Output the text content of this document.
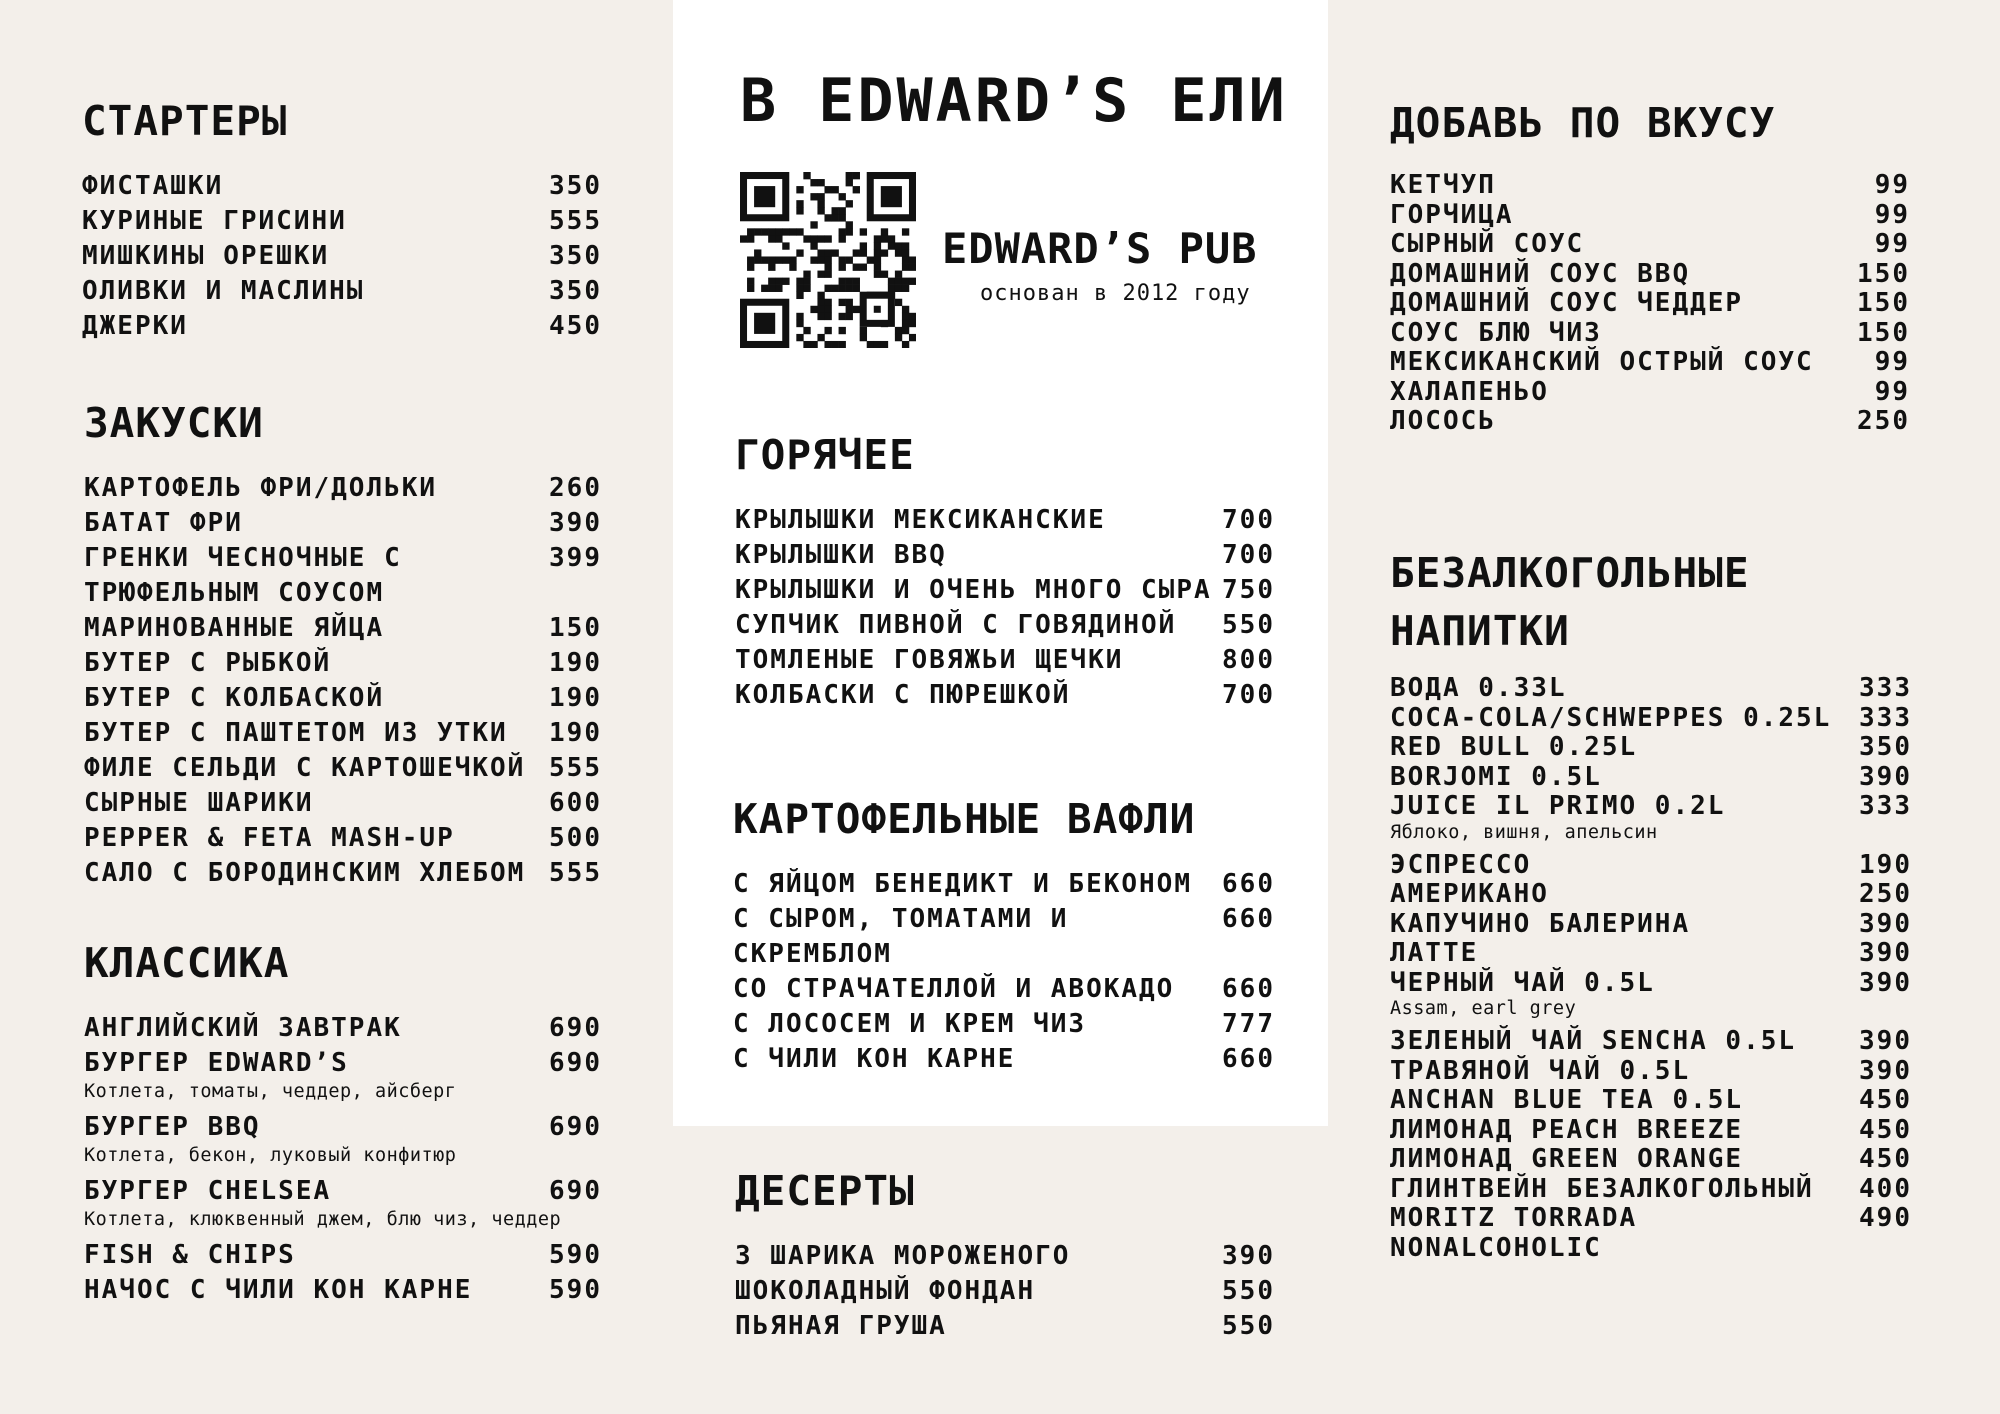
В EDWARD’S ЕЛИ
EDWARD’S PUB
основан в 2012 году
СТАРТЕРЫ
ФИСТАШКИ	350
КУРИНЫЕ ГРИСИНИ	555
МИШКИНЫ ОРЕШКИ	350
ОЛИВКИ И МАСЛИНЫ	350
ДЖЕРКИ	450
ЗАКУСКИ
КАРТОФЕЛЬ ФРИ/ДОЛЬКИ	260
БАТАТ ФРИ	390
ГРЕНКИ ЧЕСНОЧНЫЕ С	399
ТРЮФЕЛЬНЫМ СОУСОМ
МАРИНОВАННЫЕ ЯЙЦА	150
БУТЕР С РЫБКОЙ	190
БУТЕР С КОЛБАСКОЙ	190
БУТЕР С ПАШТЕТОМ ИЗ УТКИ 190
ФИЛЕ СЕЛЬДИ С КАРТОШЕЧКОЙ 555
СЫРНЫЕ ШАРИКИ	600
PEPPER & FETA MASH-UP	500
САЛО С БОРОДИНСКИМ ХЛЕБОМ 555
КЛАССИКА
АНГЛИЙСКИЙ ЗАВТРАК	690
БУРГЕР EDWARD’S	690
Котлета, томаты, чеддер, айсберг
БУРГЕР BBQ	690
Котлета, бекон, луковый конфитюр
БУРГЕР CHELSEA	690
Котлета, клюквенный джем, блю чиз, чеддер
FISH & CHIPS	590
НАЧОС С ЧИЛИ КОН КАРНЕ	590
ГОРЯЧЕЕ
КРЫЛЫШКИ МЕКСИКАНСКИЕ	700
КРЫЛЫШКИ BBQ	700
КРЫЛЫШКИ И ОЧЕНЬ МНОГО СЫРА 750
СУПЧИК ПИВНОЙ С ГОВЯДИНОЙ 550
ТОМЛЕНЫЕ ГОВЯЖЬИ ЩЕЧКИ	800
КОЛБАСКИ С ПЮРЕШКОЙ	700
КАРТОФЕЛЬНЫЕ ВАФЛИ
С ЯЙЦОМ БЕНЕДИКТ И БЕКОНОМ 660
С СЫРОМ, ТОМАТАМИ И СКРЕМБЛОМ
660
СО СТРАЧАТЕЛЛОЙ И АВОКАДО 660
С ЛОСОСЕМ И КРЕМ ЧИЗ	777
С ЧИЛИ КОН КАРНЕ	660
ДЕСЕРТЫ
3 ШАРИКА МОРОЖЕНОГО	390
ШОКОЛАДНЫЙ ФОНДАН	550
ПЬЯНАЯ ГРУША	550
ДОБАВЬ ПО ВКУСУ
КЕТЧУП	99
ГОРЧИЦА	99
СЫРНЫЙ СОУС	99
ДОМАШНИЙ СОУС BBQ	150
ДОМАШНИЙ СОУС ЧЕДДЕР	150
СОУС БЛЮ ЧИЗ	150
МЕКСИКАНСКИЙ ОСТРЫЙ СОУС 99
ХАЛАПЕНЬО	99
ЛОСОСЬ	250
БЕЗАЛКОГОЛЬНЫЕ
НАПИТКИ
ВОДА 0.33L	333
COCA-COLA/SCHWEPPES 0.25L 333
RED BULL 0.25L	350
BORJOMI 0.5L	390
JUICE IL PRIMO 0.2L	333
Яблоко, вишня, апельсин
ЭСПРЕССО	190
АМЕРИКАНО	250
КАПУЧИНО БАЛЕРИНА	390
ЛАТТЕ	390
ЧЕРНЫЙ ЧАЙ 0.5L	390
Assam, earl grey
ЗЕЛЕНЫЙ ЧАЙ SENCHA 0.5L 390
ТРАВЯНОЙ ЧАЙ 0.5L	390
ANCHAN BLUE TEA 0.5L	450
ЛИМОНАД PEACH BREEZE	450
ЛИМОНАД GREEN ORANGE	450
ГЛИНТВЕЙН БЕЗАЛКОГОЛЬНЫЙ 400
MORITZ TORRADA NONALCOHOLIC
490
